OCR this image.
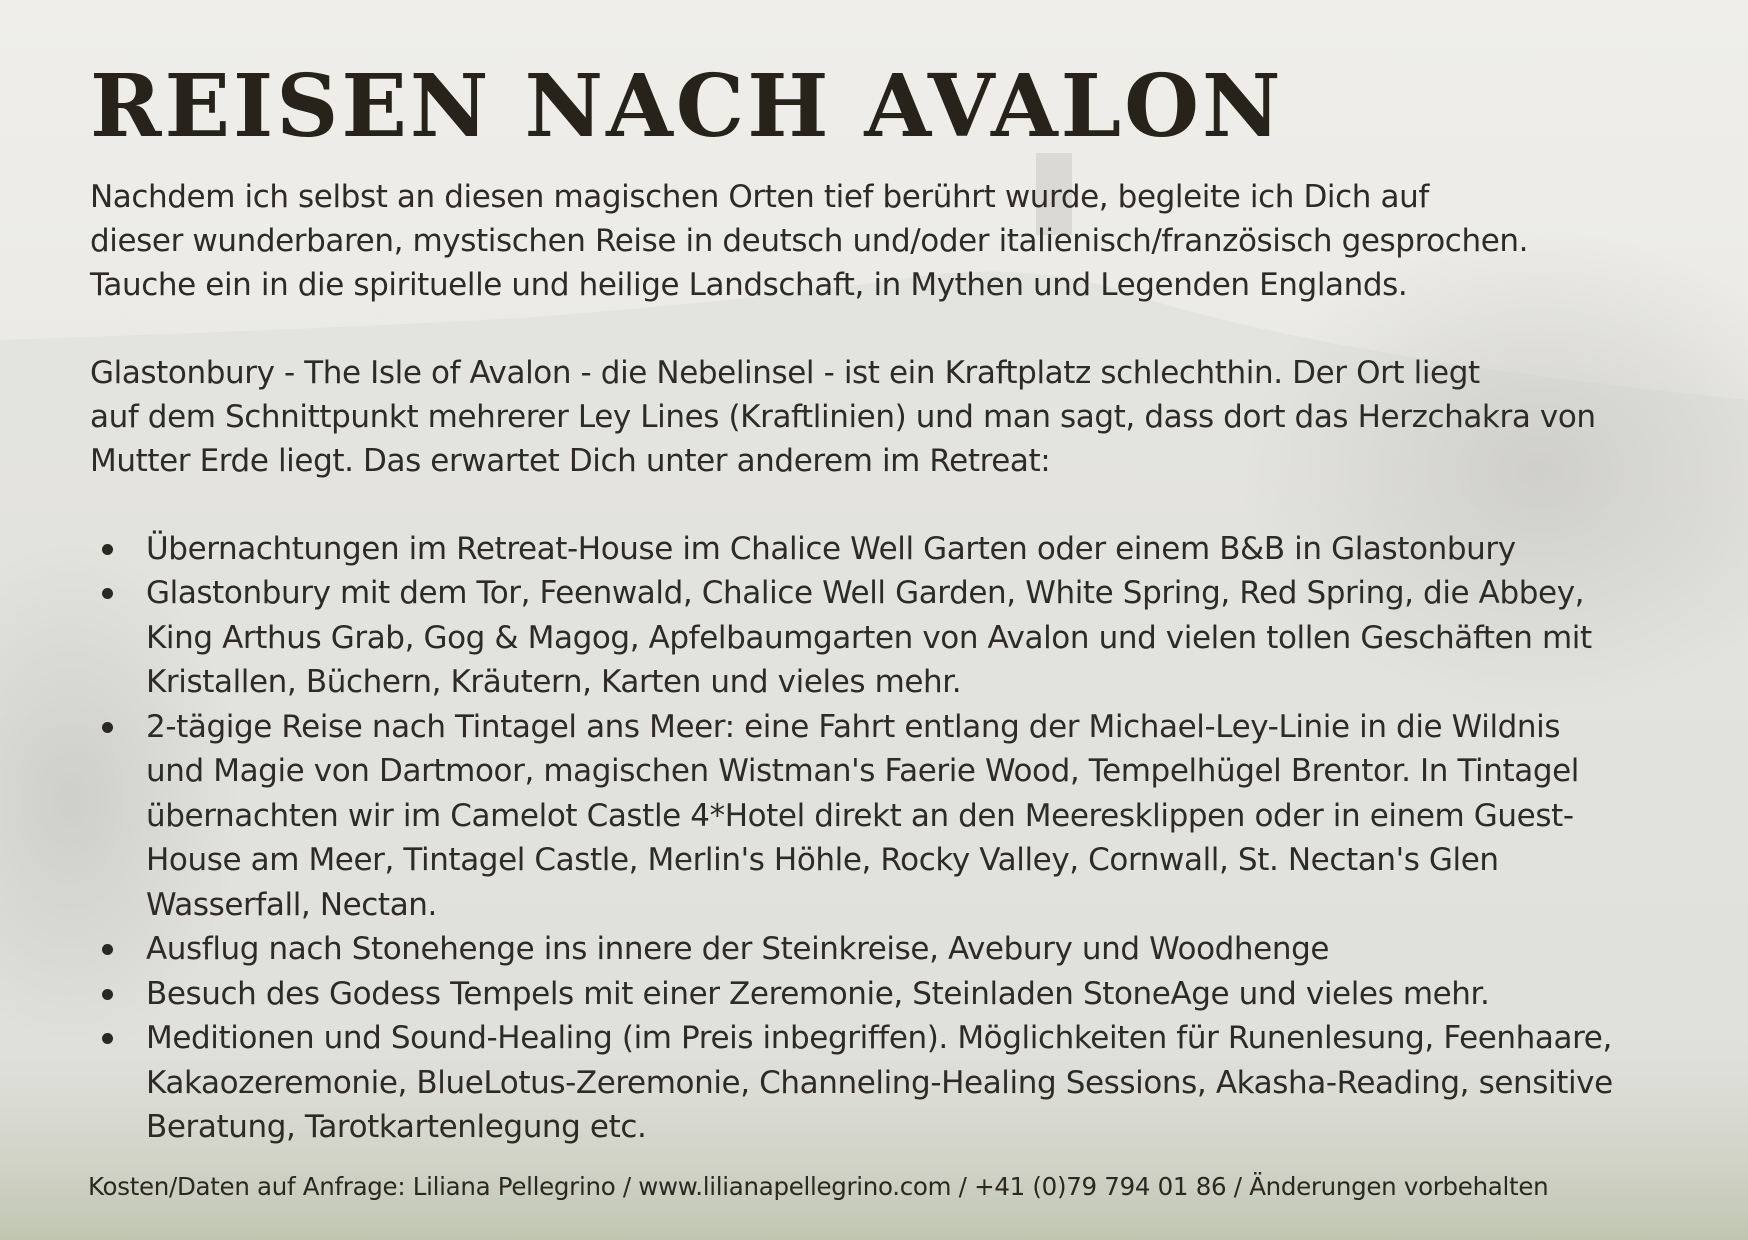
REISEN NACH AVALON
Nachdem ich selbst an diesen magischen Orten tief berührt wurde, begleite ich Dich auf
dieser wunderbaren, mystischen Reise in deutsch und/oder italienisch/französisch gesprochen.
Tauche ein in die spirituelle und heilige Landschaft, in Mythen und Legenden Englands.
Glastonbury - The Isle of Avalon - die Nebelinsel - ist ein Kraftplatz schlechthin. Der Ort liegt
auf dem Schnittpunkt mehrerer Ley Lines (Kraftlinien) und man sagt, dass dort das Herzchakra von
Mutter Erde liegt. Das erwartet Dich unter anderem im Retreat:
Übernachtungen im Retreat-House im Chalice Well Garten oder einem B&B in Glastonbury
Glastonbury mit dem Tor, Feenwald, Chalice Well Garden, White Spring, Red Spring, die Abbey,
King Arthus Grab, Gog & Magog, Apfelbaumgarten von Avalon und vielen tollen Geschäften mit
Kristallen, Büchern, Kräutern, Karten und vieles mehr.
2-tägige Reise nach Tintagel ans Meer: eine Fahrt entlang der Michael-Ley-Linie in die Wildnis
und Magie von Dartmoor, magischen Wistman's Faerie Wood, Tempelhügel Brentor. In Tintagel
übernachten wir im Camelot Castle 4*Hotel direkt an den Meeresklippen oder in einem Guest-
House am Meer, Tintagel Castle, Merlin's Höhle, Rocky Valley, Cornwall, St. Nectan's Glen
Wasserfall, Nectan.
Ausflug nach Stonehenge ins innere der Steinkreise, Avebury und Woodhenge
Besuch des Godess Tempels mit einer Zeremonie, Steinladen StoneAge und vieles mehr.
Meditionen und Sound-Healing (im Preis inbegriffen). Möglichkeiten für Runenlesung, Feenhaare,
Kakaozeremonie, BlueLotus-Zeremonie, Channeling-Healing Sessions, Akasha-Reading, sensitive
Beratung, Tarotkartenlegung etc.
Kosten/Daten auf Anfrage: Liliana Pellegrino / www.lilianapellegrino.com / +41 (0)79 794 01 86 / Änderungen vorbehalten
